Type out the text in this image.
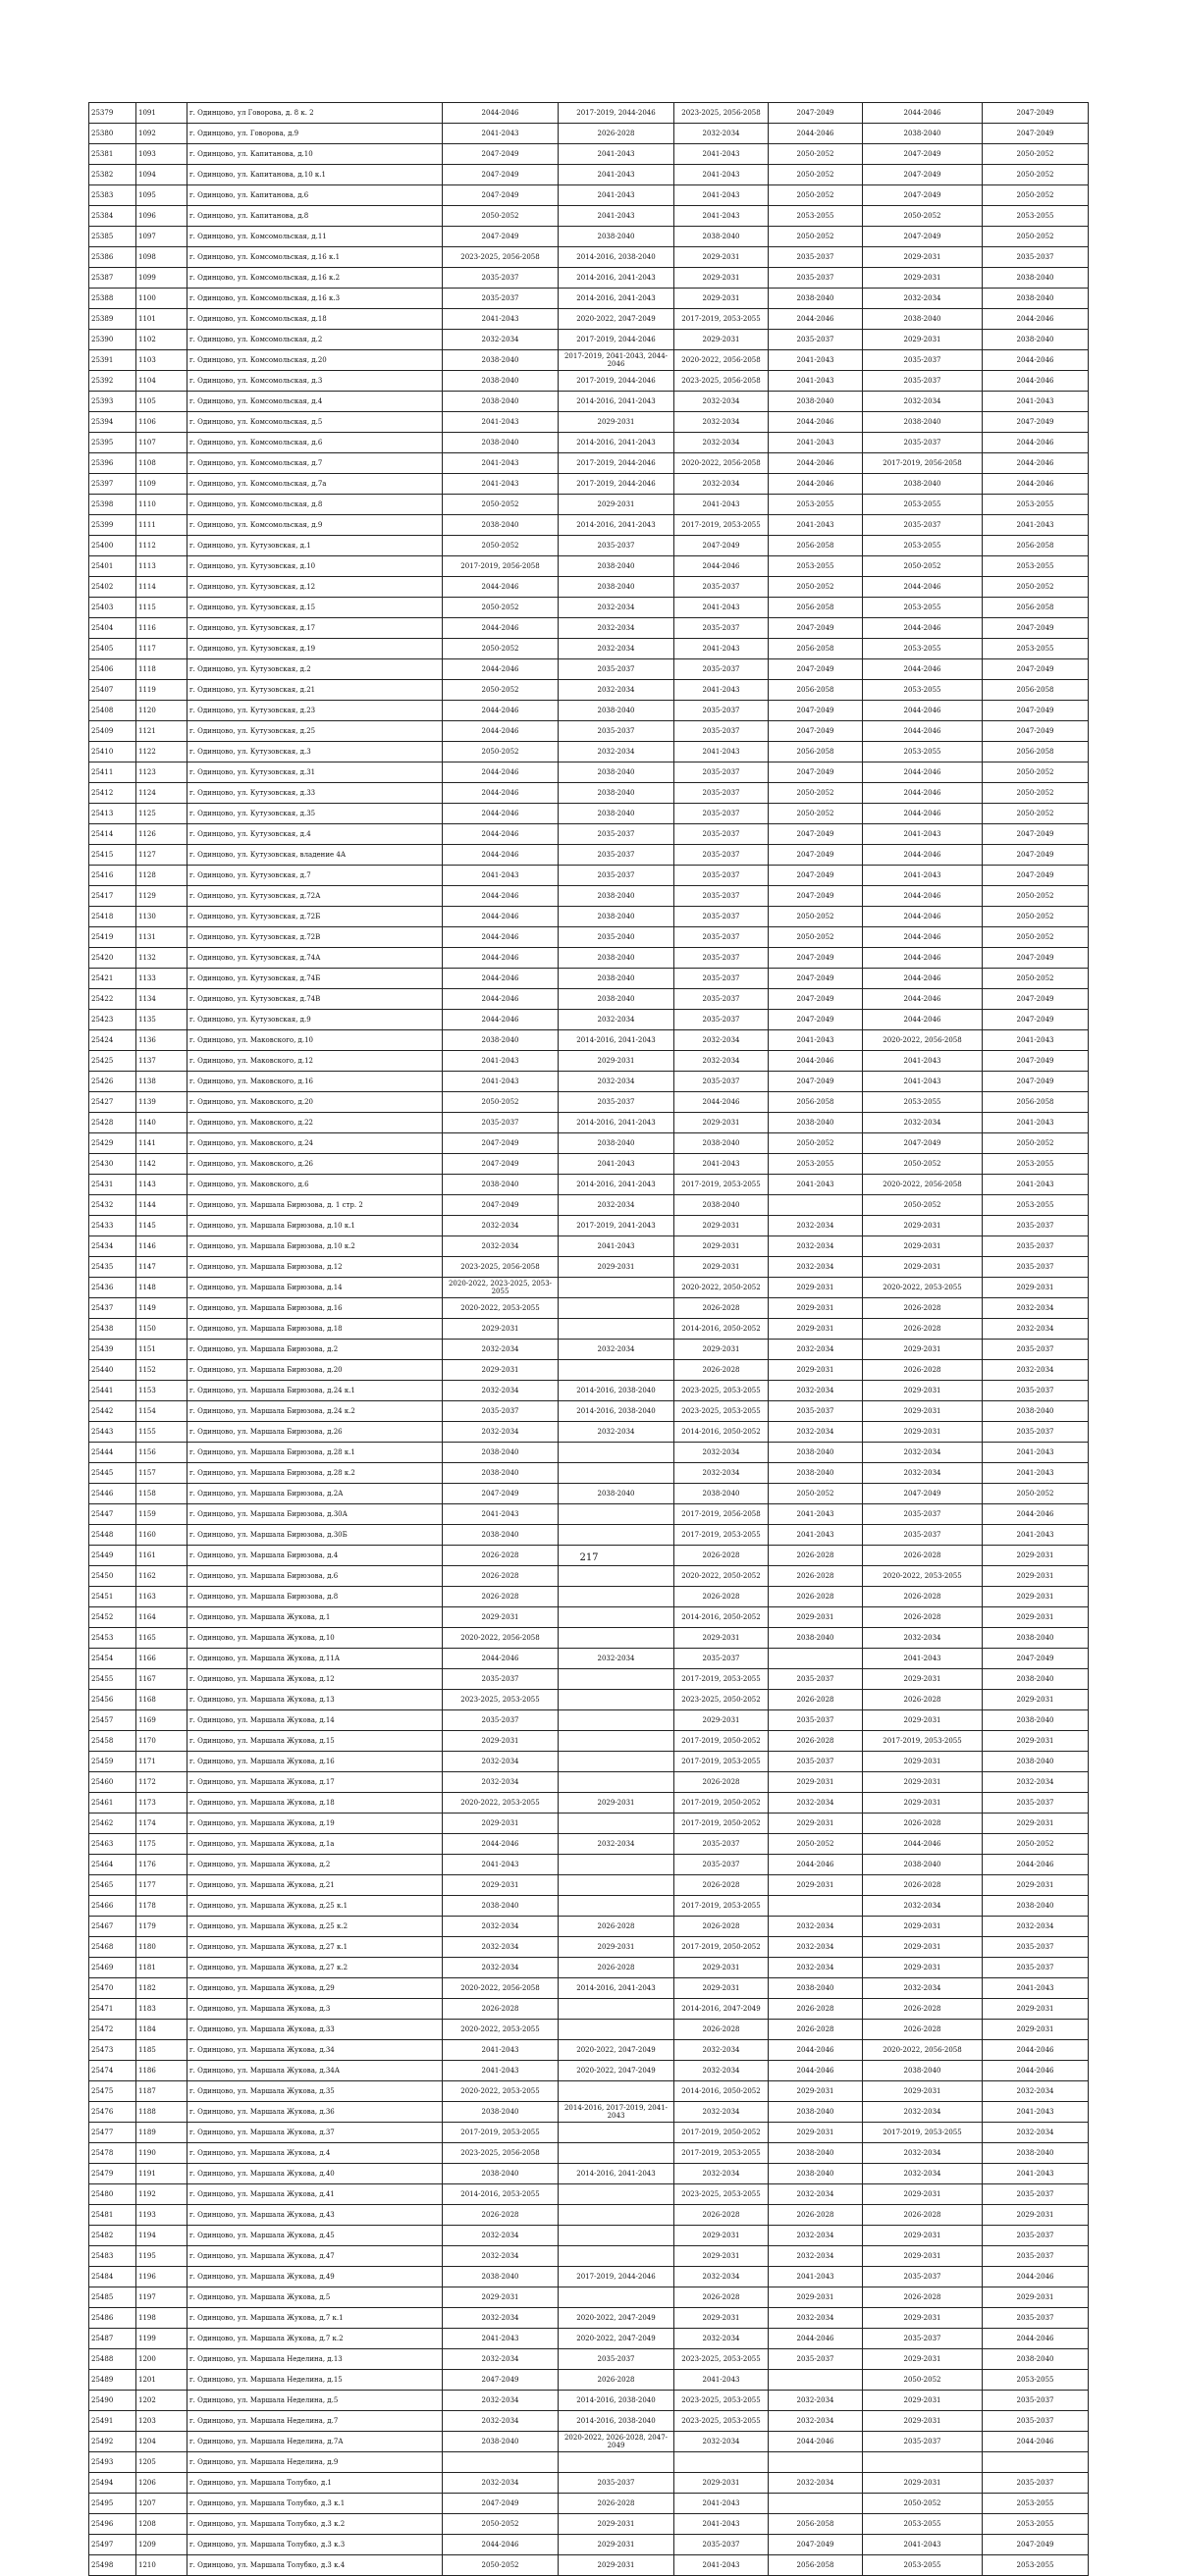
25379	1091	г. Одинцово, ул Говорова, д. 8 к. 2	2044-2046	2017-2019, 2044-2046	2023-2025, 2056-2058	2047-2049	2044-2046	2047-2049
25380	1092	г. Одинцово, ул. Говорова, д.9	2041-2043	2026-2028	2032-2034	2044-2046	2038-2040	2047-2049
25381	1093	г. Одинцово, ул. Капитанова, д.10	2047-2049	2041-2043	2041-2043	2050-2052	2047-2049	2050-2052
25382	1094	г. Одинцово, ул. Капитанова, д.10 к.1	2047-2049	2041-2043	2041-2043	2050-2052	2047-2049	2050-2052
25383	1095	г. Одинцово, ул. Капитанова, д.6	2047-2049	2041-2043	2041-2043	2050-2052	2047-2049	2050-2052
25384	1096	г. Одинцово, ул. Капитанова, д.8	2050-2052	2041-2043	2041-2043	2053-2055	2050-2052	2053-2055
25385	1097	г. Одинцово, ул. Комсомольская, д.11	2047-2049	2038-2040	2038-2040	2050-2052	2047-2049	2050-2052
25386	1098	г. Одинцово, ул. Комсомольская, д.16 к.1	2023-2025, 2056-2058	2014-2016, 2038-2040	2029-2031	2035-2037	2029-2031	2035-2037
25387	1099	г. Одинцово, ул. Комсомольская, д.16 к.2	2035-2037	2014-2016, 2041-2043	2029-2031	2035-2037	2029-2031	2038-2040
25388	1100	г. Одинцово, ул. Комсомольская, д.16 к.3	2035-2037	2014-2016, 2041-2043	2029-2031	2038-2040	2032-2034	2038-2040
25389	1101	г. Одинцово, ул. Комсомольская, д.18	2041-2043	2020-2022, 2047-2049	2017-2019, 2053-2055	2044-2046	2038-2040	2044-2046
25390	1102	г. Одинцово, ул. Комсомольская, д.2	2032-2034	2017-2019, 2044-2046	2029-2031	2035-2037	2029-2031	2038-2040
25391	1103	г. Одинцово, ул. Комсомольская, д.20	2038-2040	2017-2019, 2041-2043, 2044-2046	2020-2022, 2056-2058	2041-2043	2035-2037	2044-2046
25392	1104	г. Одинцово, ул. Комсомольская, д.3	2038-2040	2017-2019, 2044-2046	2023-2025, 2056-2058	2041-2043	2035-2037	2044-2046
25393	1105	г. Одинцово, ул. Комсомольская, д.4	2038-2040	2014-2016, 2041-2043	2032-2034	2038-2040	2032-2034	2041-2043
25394	1106	г. Одинцово, ул. Комсомольская, д.5	2041-2043	2029-2031	2032-2034	2044-2046	2038-2040	2047-2049
25395	1107	г. Одинцово, ул. Комсомольская, д.6	2038-2040	2014-2016, 2041-2043	2032-2034	2041-2043	2035-2037	2044-2046
25396	1108	г. Одинцово, ул. Комсомольская, д.7	2041-2043	2017-2019, 2044-2046	2020-2022, 2056-2058	2044-2046	2017-2019, 2056-2058	2044-2046
25397	1109	г. Одинцово, ул. Комсомольская, д.7а	2041-2043	2017-2019, 2044-2046	2032-2034	2044-2046	2038-2040	2044-2046
25398	1110	г. Одинцово, ул. Комсомольская, д.8	2050-2052	2029-2031	2041-2043	2053-2055	2053-2055	2053-2055
25399	1111	г. Одинцово, ул. Комсомольская, д.9	2038-2040	2014-2016, 2041-2043	2017-2019, 2053-2055	2041-2043	2035-2037	2041-2043
25400	1112	г. Одинцово, ул. Кутузовская, д.1	2050-2052	2035-2037	2047-2049	2056-2058	2053-2055	2056-2058
25401	1113	г. Одинцово, ул. Кутузовская, д.10	2017-2019, 2056-2058	2038-2040	2044-2046	2053-2055	2050-2052	2053-2055
25402	1114	г. Одинцово, ул. Кутузовская, д.12	2044-2046	2038-2040	2035-2037	2050-2052	2044-2046	2050-2052
25403	1115	г. Одинцово, ул. Кутузовская, д.15	2050-2052	2032-2034	2041-2043	2056-2058	2053-2055	2056-2058
25404	1116	г. Одинцово, ул. Кутузовская, д.17	2044-2046	2032-2034	2035-2037	2047-2049	2044-2046	2047-2049
25405	1117	г. Одинцово, ул. Кутузовская, д.19	2050-2052	2032-2034	2041-2043	2056-2058	2053-2055	2053-2055
25406	1118	г. Одинцово, ул. Кутузовская, д.2	2044-2046	2035-2037	2035-2037	2047-2049	2044-2046	2047-2049
25407	1119	г. Одинцово, ул. Кутузовская, д.21	2050-2052	2032-2034	2041-2043	2056-2058	2053-2055	2056-2058
25408	1120	г. Одинцово, ул. Кутузовская, д.23	2044-2046	2038-2040	2035-2037	2047-2049	2044-2046	2047-2049
25409	1121	г. Одинцово, ул. Кутузовская, д.25	2044-2046	2035-2037	2035-2037	2047-2049	2044-2046	2047-2049
25410	1122	г. Одинцово, ул. Кутузовская, д.3	2050-2052	2032-2034	2041-2043	2056-2058	2053-2055	2056-2058
25411	1123	г. Одинцово, ул. Кутузовская, д.31	2044-2046	2038-2040	2035-2037	2047-2049	2044-2046	2050-2052
25412	1124	г. Одинцово, ул. Кутузовская, д.33	2044-2046	2038-2040	2035-2037	2050-2052	2044-2046	2050-2052
25413	1125	г. Одинцово, ул. Кутузовская, д.35	2044-2046	2038-2040	2035-2037	2050-2052	2044-2046	2050-2052
25414	1126	г. Одинцово, ул. Кутузовская, д.4	2044-2046	2035-2037	2035-2037	2047-2049	2041-2043	2047-2049
25415	1127	г. Одинцово, ул. Кутузовская, владение 4А	2044-2046	2035-2037	2035-2037	2047-2049	2044-2046	2047-2049
25416	1128	г. Одинцово, ул. Кутузовская, д.7	2041-2043	2035-2037	2035-2037	2047-2049	2041-2043	2047-2049
25417	1129	г. Одинцово, ул. Кутузовская, д.72А	2044-2046	2038-2040	2035-2037	2047-2049	2044-2046	2050-2052
25418	1130	г. Одинцово, ул. Кутузовская, д.72Б	2044-2046	2038-2040	2035-2037	2050-2052	2044-2046	2050-2052
25419	1131	г. Одинцово, ул. Кутузовская, д.72В	2044-2046	2035-2040	2035-2037	2050-2052	2044-2046	2050-2052
25420	1132	г. Одинцово, ул. Кутузовская, д.74А	2044-2046	2038-2040	2035-2037	2047-2049	2044-2046	2047-2049
25421	1133	г. Одинцово, ул. Кутузовская, д.74Б	2044-2046	2038-2040	2035-2037	2047-2049	2044-2046	2050-2052
25422	1134	г. Одинцово, ул. Кутузовская, д.74В	2044-2046	2038-2040	2035-2037	2047-2049	2044-2046	2047-2049
25423	1135	г. Одинцово, ул. Кутузовская, д.9	2044-2046	2032-2034	2035-2037	2047-2049	2044-2046	2047-2049
25424	1136	г. Одинцово, ул. Маковского, д.10	2038-2040	2014-2016, 2041-2043	2032-2034	2041-2043	2020-2022, 2056-2058	2041-2043
25425	1137	г. Одинцово, ул. Маковского, д.12	2041-2043	2029-2031	2032-2034	2044-2046	2041-2043	2047-2049
25426	1138	г. Одинцово, ул. Маковского, д.16	2041-2043	2032-2034	2035-2037	2047-2049	2041-2043	2047-2049
25427	1139	г. Одинцово, ул. Маковского, д.20	2050-2052	2035-2037	2044-2046	2056-2058	2053-2055	2056-2058
25428	1140	г. Одинцово, ул. Маковского, д.22	2035-2037	2014-2016, 2041-2043	2029-2031	2038-2040	2032-2034	2041-2043
25429	1141	г. Одинцово, ул. Маковского, д.24	2047-2049	2038-2040	2038-2040	2050-2052	2047-2049	2050-2052
25430	1142	г. Одинцово, ул. Маковского, д.26	2047-2049	2041-2043	2041-2043	2053-2055	2050-2052	2053-2055
25431	1143	г. Одинцово, ул. Маковского, д.6	2038-2040	2014-2016, 2041-2043	2017-2019, 2053-2055	2041-2043	2020-2022, 2056-2058	2041-2043
25432	1144	г. Одинцово, ул. Маршала Бирюзова, д. 1 стр. 2	2047-2049	2032-2034	2038-2040		2050-2052	2053-2055
25433	1145	г. Одинцово, ул. Маршала Бирюзова, д.10 к.1	2032-2034	2017-2019, 2041-2043	2029-2031	2032-2034	2029-2031	2035-2037
25434	1146	г. Одинцово, ул. Маршала Бирюзова, д.10 к.2	2032-2034	2041-2043	2029-2031	2032-2034	2029-2031	2035-2037
25435	1147	г. Одинцово, ул. Маршала Бирюзова, д.12	2023-2025, 2056-2058	2029-2031	2029-2031	2032-2034	2029-2031	2035-2037
25436	1148	г. Одинцово, ул. Маршала Бирюзова, д.14	2020-2022, 2023-2025, 2053-2055		2020-2022, 2050-2052	2029-2031	2020-2022, 2053-2055	2029-2031
25437	1149	г. Одинцово, ул. Маршала Бирюзова, д.16	2020-2022, 2053-2055		2026-2028	2029-2031	2026-2028	2032-2034
25438	1150	г. Одинцово, ул. Маршала Бирюзова, д.18	2029-2031		2014-2016, 2050-2052	2029-2031	2026-2028	2032-2034
25439	1151	г. Одинцово, ул. Маршала Бирюзова, д.2	2032-2034	2032-2034	2029-2031	2032-2034	2029-2031	2035-2037
25440	1152	г. Одинцово, ул. Маршала Бирюзова, д.20	2029-2031		2026-2028	2029-2031	2026-2028	2032-2034
25441	1153	г. Одинцово, ул. Маршала Бирюзова, д.24 к.1	2032-2034	2014-2016, 2038-2040	2023-2025, 2053-2055	2032-2034	2029-2031	2035-2037
25442	1154	г. Одинцово, ул. Маршала Бирюзова, д.24 к.2	2035-2037	2014-2016, 2038-2040	2023-2025, 2053-2055	2035-2037	2029-2031	2038-2040
25443	1155	г. Одинцово, ул. Маршала Бирюзова, д.26	2032-2034	2032-2034	2014-2016, 2050-2052	2032-2034	2029-2031	2035-2037
25444	1156	г. Одинцово, ул. Маршала Бирюзова, д.28 к.1	2038-2040		2032-2034	2038-2040	2032-2034	2041-2043
25445	1157	г. Одинцово, ул. Маршала Бирюзова, д.28 к.2	2038-2040		2032-2034	2038-2040	2032-2034	2041-2043
25446	1158	г. Одинцово, ул. Маршала Бирюзова, д.2А	2047-2049	2038-2040	2038-2040	2050-2052	2047-2049	2050-2052
25447	1159	г. Одинцово, ул. Маршала Бирюзова, д.30А	2041-2043		2017-2019, 2056-2058	2041-2043	2035-2037	2044-2046
25448	1160	г. Одинцово, ул. Маршала Бирюзова, д.30Б	2038-2040		2017-2019, 2053-2055	2041-2043	2035-2037	2041-2043
25449	1161	г. Одинцово, ул. Маршала Бирюзова, д.4	2026-2028		2026-2028	2026-2028	2026-2028	2029-2031
25450	1162	г. Одинцово, ул. Маршала Бирюзова, д.6	2026-2028		2020-2022, 2050-2052	2026-2028	2020-2022, 2053-2055	2029-2031
25451	1163	г. Одинцово, ул. Маршала Бирюзова, д.8	2026-2028		2026-2028	2026-2028	2026-2028	2029-2031
25452	1164	г. Одинцово, ул. Маршала Жукова, д.1	2029-2031		2014-2016, 2050-2052	2029-2031	2026-2028	2029-2031
25453	1165	г. Одинцово, ул. Маршала Жукова, д.10	2020-2022, 2056-2058		2029-2031	2038-2040	2032-2034	2038-2040
25454	1166	г. Одинцово, ул. Маршала Жукова, д.11А	2044-2046	2032-2034	2035-2037		2041-2043	2047-2049
25455	1167	г. Одинцово, ул. Маршала Жукова, д.12	2035-2037		2017-2019, 2053-2055	2035-2037	2029-2031	2038-2040
25456	1168	г. Одинцово, ул. Маршала Жукова, д.13	2023-2025, 2053-2055		2023-2025, 2050-2052	2026-2028	2026-2028	2029-2031
25457	1169	г. Одинцово, ул. Маршала Жукова, д.14	2035-2037		2029-2031	2035-2037	2029-2031	2038-2040
25458	1170	г. Одинцово, ул. Маршала Жукова, д.15	2029-2031		2017-2019, 2050-2052	2026-2028	2017-2019, 2053-2055	2029-2031
25459	1171	г. Одинцово, ул. Маршала Жукова, д.16	2032-2034		2017-2019, 2053-2055	2035-2037	2029-2031	2038-2040
25460	1172	г. Одинцово, ул. Маршала Жукова, д.17	2032-2034		2026-2028	2029-2031	2029-2031	2032-2034
25461	1173	г. Одинцово, ул. Маршала Жукова, д.18	2020-2022, 2053-2055	2029-2031	2017-2019, 2050-2052	2032-2034	2029-2031	2035-2037
25462	1174	г. Одинцово, ул. Маршала Жукова, д.19	2029-2031		2017-2019, 2050-2052	2029-2031	2026-2028	2029-2031
25463	1175	г. Одинцово, ул. Маршала Жукова, д.1а	2044-2046	2032-2034	2035-2037	2050-2052	2044-2046	2050-2052
25464	1176	г. Одинцово, ул. Маршала Жукова, д.2	2041-2043		2035-2037	2044-2046	2038-2040	2044-2046
25465	1177	г. Одинцово, ул. Маршала Жукова, д.21	2029-2031		2026-2028	2029-2031	2026-2028	2029-2031
25466	1178	г. Одинцово, ул. Маршала Жукова, д.25 к.1	2038-2040		2017-2019, 2053-2055		2032-2034	2038-2040
25467	1179	г. Одинцово, ул. Маршала Жукова, д.25 к.2	2032-2034	2026-2028	2026-2028	2032-2034	2029-2031	2032-2034
25468	1180	г. Одинцово, ул. Маршала Жукова, д.27 к.1	2032-2034	2029-2031	2017-2019, 2050-2052	2032-2034	2029-2031	2035-2037
25469	1181	г. Одинцово, ул. Маршала Жукова, д.27 к.2	2032-2034	2026-2028	2029-2031	2032-2034	2029-2031	2035-2037
25470	1182	г. Одинцово, ул. Маршала Жукова, д.29	2020-2022, 2056-2058	2014-2016, 2041-2043	2029-2031	2038-2040	2032-2034	2041-2043
25471	1183	г. Одинцово, ул. Маршала Жукова, д.3	2026-2028		2014-2016, 2047-2049	2026-2028	2026-2028	2029-2031
25472	1184	г. Одинцово, ул. Маршала Жукова, д.33	2020-2022, 2053-2055		2026-2028	2026-2028	2026-2028	2029-2031
25473	1185	г. Одинцово, ул. Маршала Жукова, д.34	2041-2043	2020-2022, 2047-2049	2032-2034	2044-2046	2020-2022, 2056-2058	2044-2046
25474	1186	г. Одинцово, ул. Маршала Жукова, д.34А	2041-2043	2020-2022, 2047-2049	2032-2034	2044-2046	2038-2040	2044-2046
25475	1187	г. Одинцово, ул. Маршала Жукова, д.35	2020-2022, 2053-2055		2014-2016, 2050-2052	2029-2031	2029-2031	2032-2034
25476	1188	г. Одинцово, ул. Маршала Жукова, д.36	2038-2040	2014-2016, 2017-2019, 2041-2043	2032-2034	2038-2040	2032-2034	2041-2043
25477	1189	г. Одинцово, ул. Маршала Жукова, д.37	2017-2019, 2053-2055		2017-2019, 2050-2052	2029-2031	2017-2019, 2053-2055	2032-2034
25478	1190	г. Одинцово, ул. Маршала Жукова, д.4	2023-2025, 2056-2058		2017-2019, 2053-2055	2038-2040	2032-2034	2038-2040
25479	1191	г. Одинцово, ул. Маршала Жукова, д.40	2038-2040	2014-2016, 2041-2043	2032-2034	2038-2040	2032-2034	2041-2043
25480	1192	г. Одинцово, ул. Маршала Жукова, д.41	2014-2016, 2053-2055		2023-2025, 2053-2055	2032-2034	2029-2031	2035-2037
25481	1193	г. Одинцово, ул. Маршала Жукова, д.43	2026-2028		2026-2028	2026-2028	2026-2028	2029-2031
25482	1194	г. Одинцово, ул. Маршала Жукова, д.45	2032-2034		2029-2031	2032-2034	2029-2031	2035-2037
25483	1195	г. Одинцово, ул. Маршала Жукова, д.47	2032-2034		2029-2031	2032-2034	2029-2031	2035-2037
25484	1196	г. Одинцово, ул. Маршала Жукова, д.49	2038-2040	2017-2019, 2044-2046	2032-2034	2041-2043	2035-2037	2044-2046
25485	1197	г. Одинцово, ул. Маршала Жукова, д.5	2029-2031		2026-2028	2029-2031	2026-2028	2029-2031
25486	1198	г. Одинцово, ул. Маршала Жукова, д.7 к.1	2032-2034	2020-2022, 2047-2049	2029-2031	2032-2034	2029-2031	2035-2037
25487	1199	г. Одинцово, ул. Маршала Жукова, д.7 к.2	2041-2043	2020-2022, 2047-2049	2032-2034	2044-2046	2035-2037	2044-2046
25488	1200	г. Одинцово, ул. Маршала Неделина, д.13	2032-2034	2035-2037	2023-2025, 2053-2055	2035-2037	2029-2031	2038-2040
25489	1201	г. Одинцово, ул. Маршала Неделина, д.15	2047-2049	2026-2028	2041-2043		2050-2052	2053-2055
25490	1202	г. Одинцово, ул. Маршала Неделина, д.5	2032-2034	2014-2016, 2038-2040	2023-2025, 2053-2055	2032-2034	2029-2031	2035-2037
25491	1203	г. Одинцово, ул. Маршала Неделина, д.7	2032-2034	2014-2016, 2038-2040	2023-2025, 2053-2055	2032-2034	2029-2031	2035-2037
25492	1204	г. Одинцово, ул. Маршала Неделина, д.7А	2038-2040	2020-2022, 2026-2028, 2047-2049	2032-2034	2044-2046	2035-2037	2044-2046
25493	1205	г. Одинцово, ул. Маршала Неделина, д.9						
25494	1206	г. Одинцово, ул. Маршала Толубко, д.1	2032-2034	2035-2037	2029-2031	2032-2034	2029-2031	2035-2037
25495	1207	г. Одинцово, ул. Маршала Толубко, д.3 к.1	2047-2049	2026-2028	2041-2043		2050-2052	2053-2055
25496	1208	г. Одинцово, ул. Маршала Толубко, д.3 к.2	2050-2052	2029-2031	2041-2043	2056-2058	2053-2055	2053-2055
25497	1209	г. Одинцово, ул. Маршала Толубко, д.3 к.3	2044-2046	2029-2031	2035-2037	2047-2049	2041-2043	2047-2049
25498	1210	г. Одинцово, ул. Маршала Толубко, д.3 к.4	2050-2052	2029-2031	2041-2043	2056-2058	2053-2055	2053-2055
217
